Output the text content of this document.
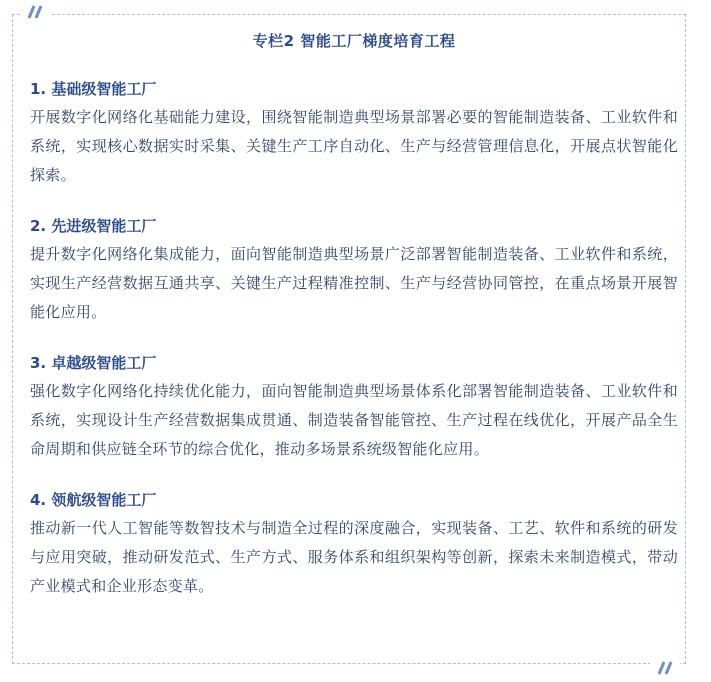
专栏2 智能工厂梯度培育工程
1. 基础级智能工厂

开展数字化网络化基础能力建设，围绕智能制造典型场景部署必要的智能制造装备、工业软件和系统，实现核心数据实时采集、关键生产工序自动化、生产与经营管理信息化，开展点状智能化探索。

2. 先进级智能工厂

提升数字化网络化集成能力，面向智能制造典型场景广泛部署智能制造装备、工业软件和系统，实现生产经营数据互通共享、关键生产过程精准控制、生产与经营协同管控，在重点场景开展智能化应用。

3. 卓越级智能工厂

强化数字化网络化持续优化能力，面向智能制造典型场景体系化部署智能制造装备、工业软件和系统，实现设计生产经营数据集成贯通、制造装备智能管控、生产过程在线优化，开展产品全生命周期和供应链全环节的综合优化，推动多场景系统级智能化应用。

4. 领航级智能工厂

推动新一代人工智能等数智技术与制造全过程的深度融合，实现装备、工艺、软件和系统的研发与应用突破，推动研发范式、生产方式、服务体系和组织架构等创新，探索未来制造模式，带动产业模式和企业形态变革。
